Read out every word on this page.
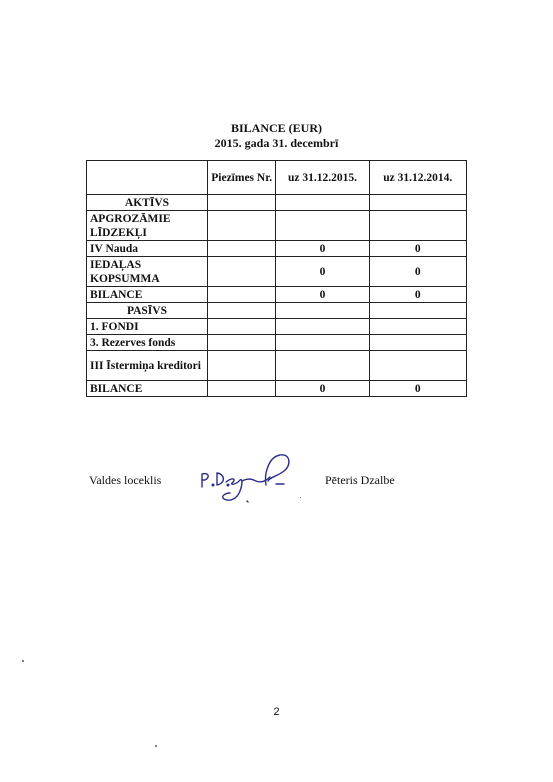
BILANCE (EUR)
2015. gada 31. decembrī
	Piezīmes Nr.	uz 31.12.2015.	uz 31.12.2014.
AKTĪVS			
APGROZĀMIE LĪDZEKĻI			
IV Nauda		0	0
IEDAĻAS KOPSUMMA		0	0
BILANCE		0	0
PASĪVS			
1. FONDI			
3. Rezerves fonds			
III Īstermiņa kreditori			
BILANCE		0	0
Valdes loceklis	Pēteris Dzalbe
2
